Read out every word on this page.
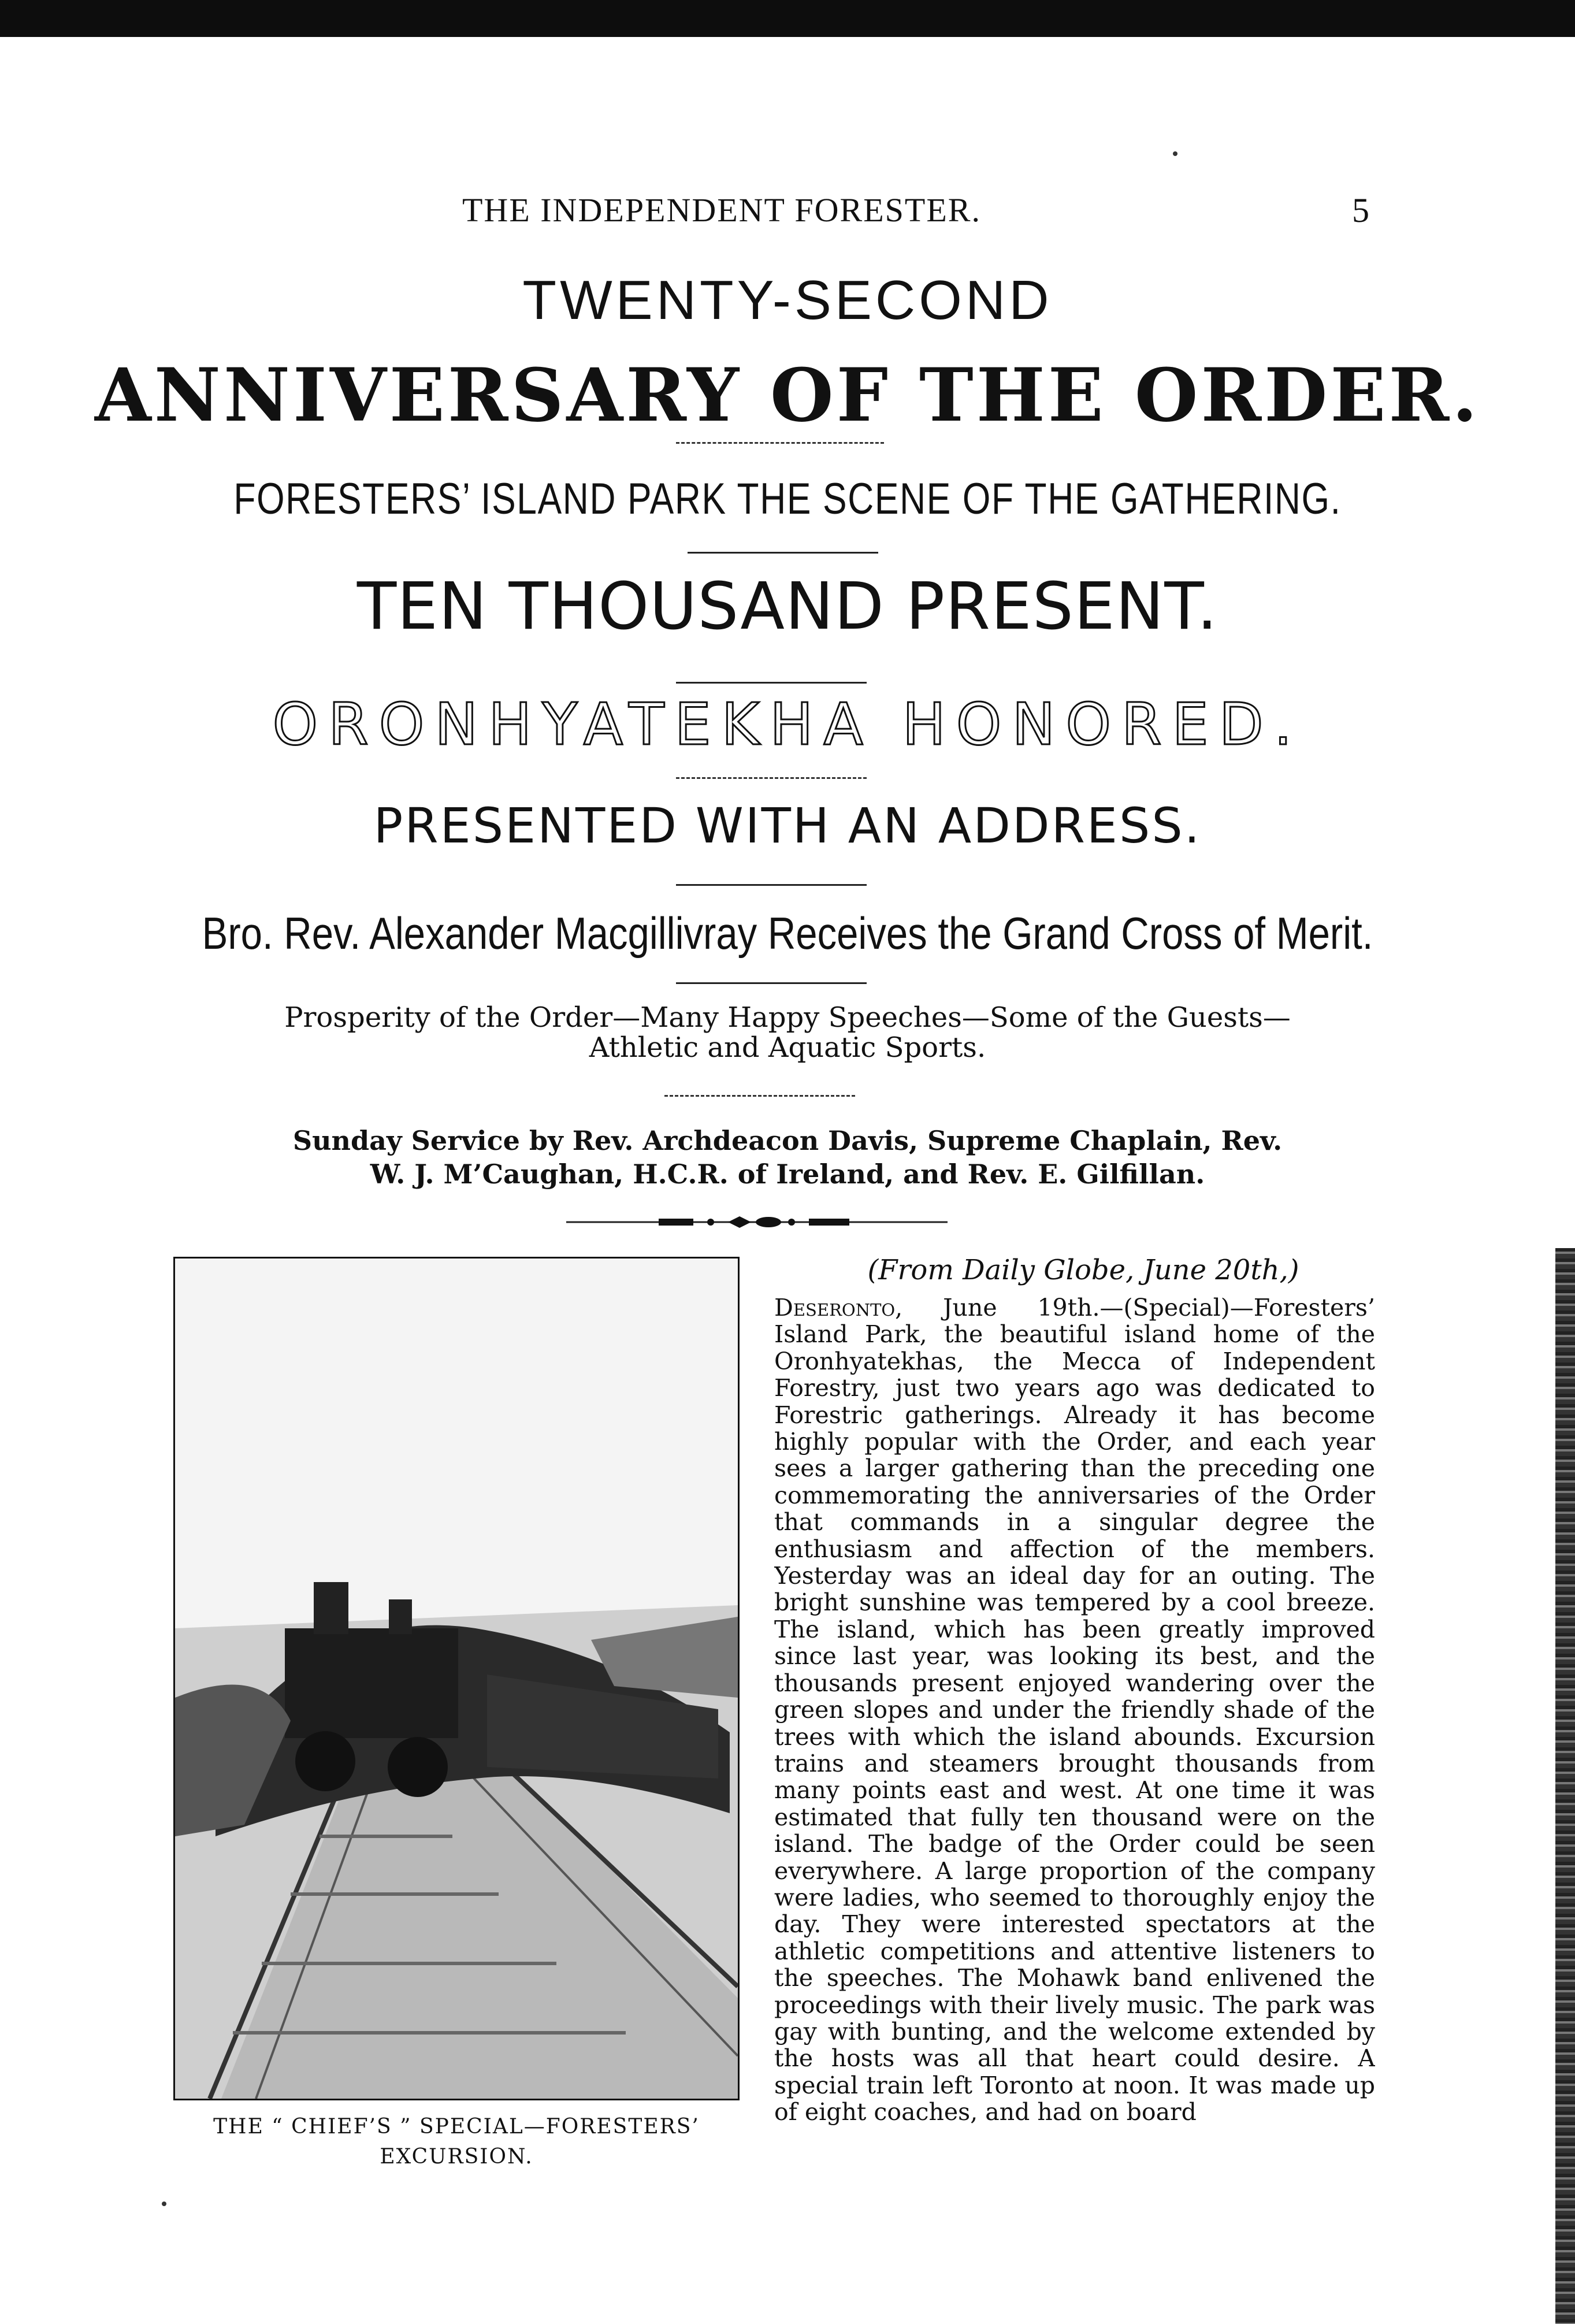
THE INDEPENDENT FORESTER.	5
TWENTY-SECOND
ANNIVERSARY OF THE ORDER.
FORESTERS’ ISLAND PARK THE SCENE OF THE GATHERING.
TEN THOUSAND PRESENT.
ORONHYATEKHA HONORED.
PRESENTED WITH AN ADDRESS.
Bro. Rev. Alexander Macgillivray Receives the Grand Cross of Merit.
Prosperity of the Order—Many Happy Speeches—Some of the Guests—
Athletic and Aquatic Sports.
Sunday Service by Rev. Archdeacon Davis, Supreme Chaplain, Rev.
W. J. M’Caughan, H.C.R. of Ireland, and Rev. E. Gilfillan.
THE “ CHIEF’S ” SPECIAL—FORESTERS’
EXCURSION.
(From Daily Globe, June 20th,)
Deseronto, June 19th.—(Special)—Foresters’ Island Park, the beautiful island home of the Oronhyatekhas, the Mecca of Independent Forestry, just two years ago was dedicated to Forestric gatherings. Already it has become highly popular with the Order, and each year sees a larger gathering than the preceding one commemorating the anniversaries of the Order that commands in a singular degree the enthusiasm and affection of the members. Yesterday was an ideal day for an outing. The bright sunshine was tempered by a cool breeze. The island, which has been greatly improved since last year, was looking its best, and the thousands present enjoyed wandering over the green slopes and under the friendly shade of the trees with which the island abounds. Excursion trains and steamers brought thousands from many points east and west. At one time it was estimated that fully ten thousand were on the island. The badge of the Order could be seen everywhere. A large proportion of the company were ladies, who seemed to thoroughly enjoy the day. They were interested spectators at the athletic competitions and attentive listeners to the speeches. The Mohawk band enlivened the proceedings with their lively music. The park was gay with bunting, and the welcome extended by the hosts was all that heart could desire. A special train left Toronto at noon. It was made up of eight coaches, and had on board
